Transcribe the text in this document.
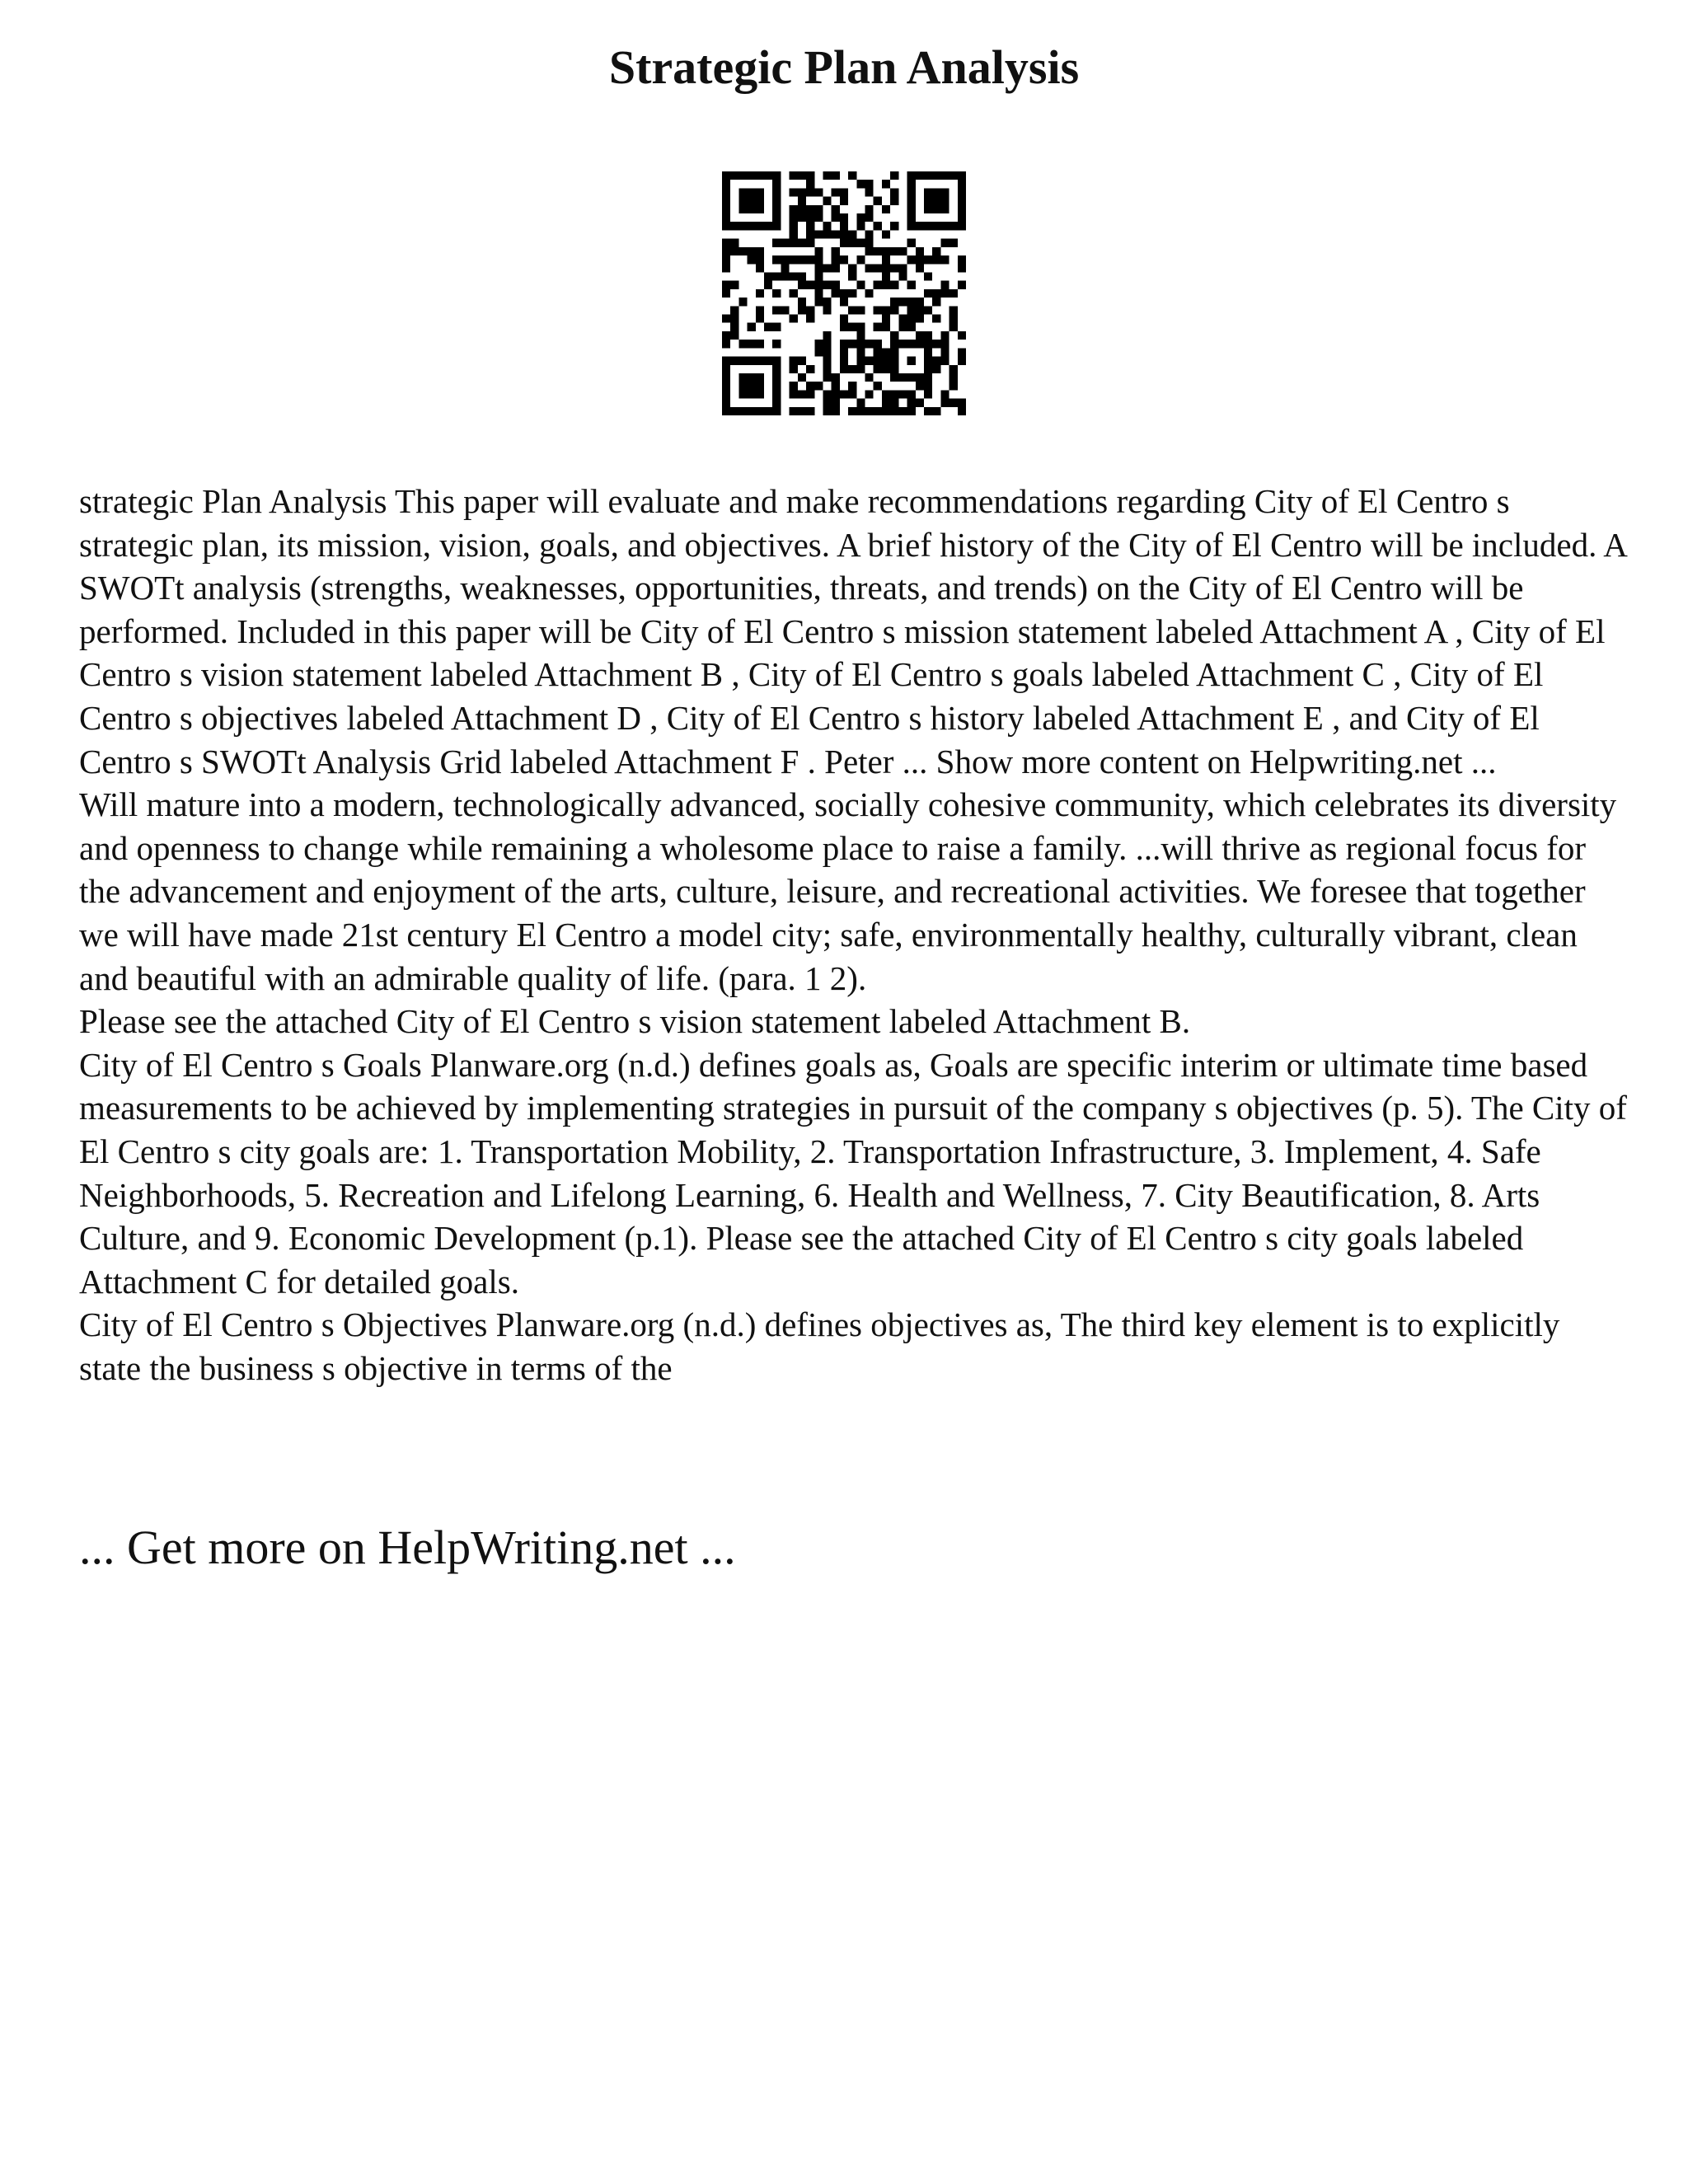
Strategic Plan Analysis

strategic Plan Analysis This paper will evaluate and make recommendations regarding City of El Centro s strategic plan, its mission, vision, goals, and objectives. A brief history of the City of El Centro will be included. A SWOTt analysis (strengths, weaknesses, opportunities, threats, and trends) on the City of El Centro will be performed. Included in this paper will be City of El Centro s mission statement labeled Attachment A , City of El Centro s vision statement labeled Attachment B , City of El Centro s goals labeled Attachment C , City of El Centro s objectives labeled Attachment D , City of El Centro s history labeled Attachment E , and City of El Centro s SWOTt Analysis Grid labeled Attachment F . Peter ... Show more content on Helpwriting.net ...

Will mature into a modern, technologically advanced, socially cohesive community, which celebrates its diversity and openness to change while remaining a wholesome place to raise a family. ...will thrive as regional focus for the advancement and enjoyment of the arts, culture, leisure, and recreational activities. We foresee that together we will have made 21st century El Centro a model city; safe, environmentally healthy, culturally vibrant, clean and beautiful with an admirable quality of life. (para. 1 2).

Please see the attached City of El Centro s vision statement labeled Attachment B.

City of El Centro s Goals Planware.org (n.d.) defines goals as, Goals are specific interim or ultimate time based measurements to be achieved by implementing strategies in pursuit of the company s objectives (p. 5). The City of El Centro s city goals are: 1. Transportation Mobility, 2. Transportation Infrastructure, 3. Implement, 4. Safe Neighborhoods, 5. Recreation and Lifelong Learning, 6. Health and Wellness, 7. City Beautification, 8. Arts Culture, and 9. Economic Development (p.1). Please see the attached City of El Centro s city goals labeled Attachment C for detailed goals.

City of El Centro s Objectives Planware.org (n.d.) defines objectives as, The third key element is to explicitly state the business s objective in terms of the

... Get more on HelpWriting.net ...
